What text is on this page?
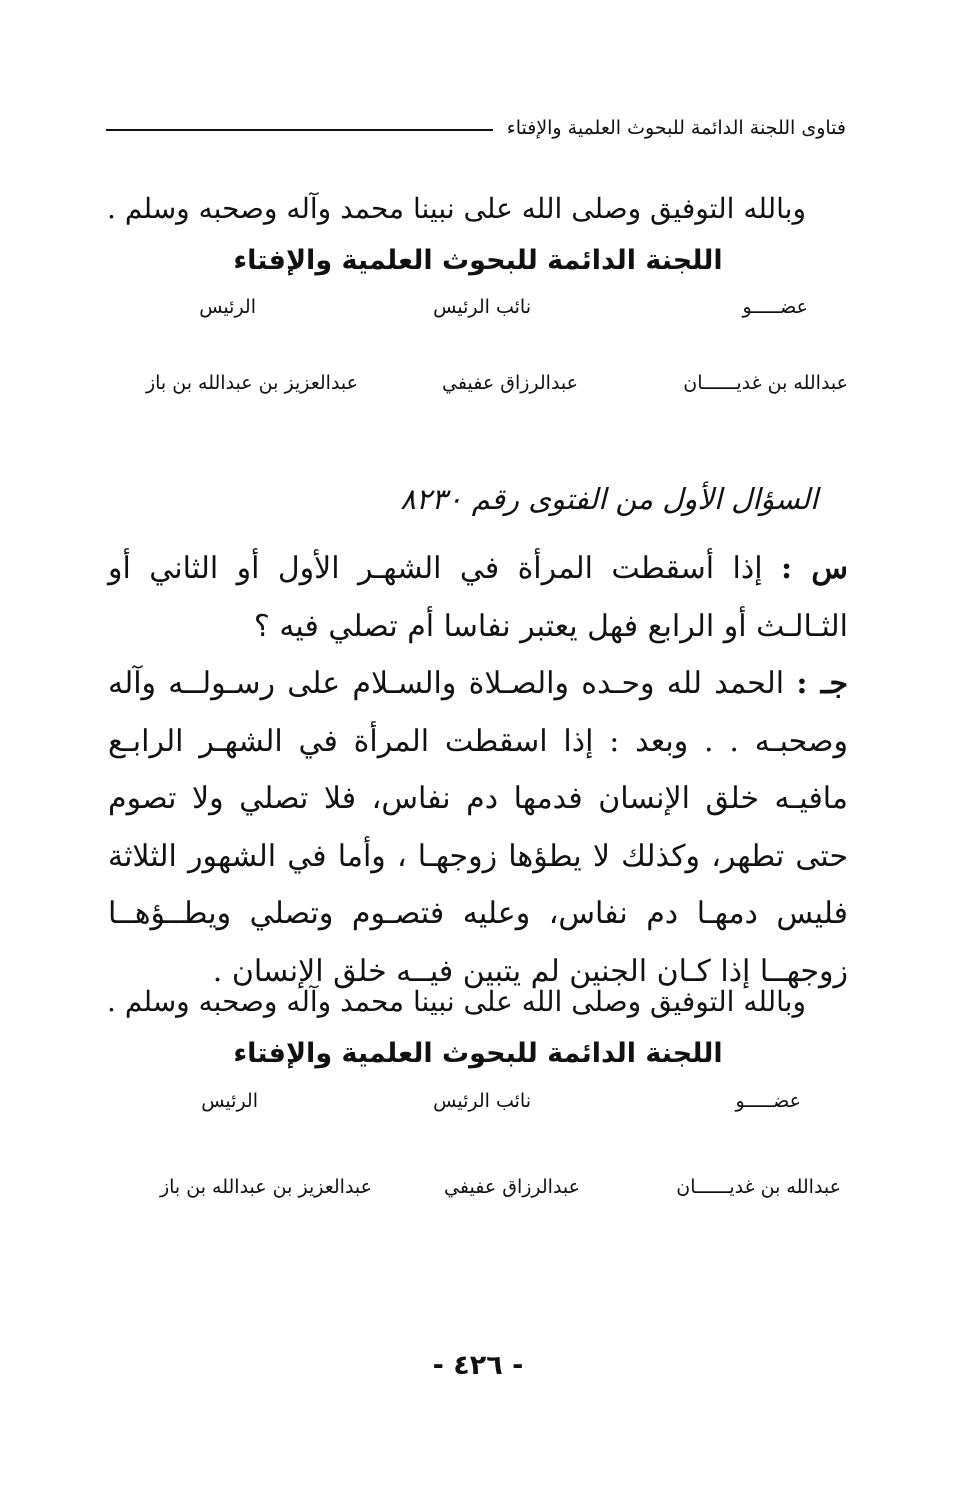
فتاوى اللجنة الدائمة للبحوث العلمية والإفتاء
وبالله التوفيق وصلى الله على نبينا محمد وآله وصحبه وسلم .
اللجنة الدائمة للبحوث العلمية والإفتاء
عضـــــو
نائب الرئيس
الرئيس
عبدالله بن غديــــــان
عبدالرزاق عفيفي
عبدالعزيز بن عبدالله بن باز
السؤال الأول من الفتوى رقم ٨٢٣٠

س : إذا أسقطت المرأة في الشهـر الأول أو الثاني أو الثـالـث أو الرابع فهل يعتبر نفاسا أم تصلي فيه ؟

جـ : الحمد لله وحـده والصـلاة والسـلام على رسـولــه وآله وصحبـه . . وبعد : إذا اسقطت المرأة في الشهـر الرابـع مافيـه خلق الإنسان فدمها دم نفاس، فلا تصلي ولا تصوم حتى تطهر، وكذلك لا يطؤها زوجهـا ، وأما في الشهور الثلاثة فليس دمهـا دم نفاس، وعليه فتصـوم وتصلي ويطــؤهــا زوجهــا إذا كـان الجنين لم يتبين فيــه خلق الإنسان .

وبالله التوفيق وصلى الله على نبينا محمد وآله وصحبه وسلم .
اللجنة الدائمة للبحوث العلمية والإفتاء
عضـــــو
نائب الرئيس
الرئيس
عبدالله بن غديــــــان
عبدالرزاق عفيفي
عبدالعزيز بن عبدالله بن باز
- ٤٢٦ -
